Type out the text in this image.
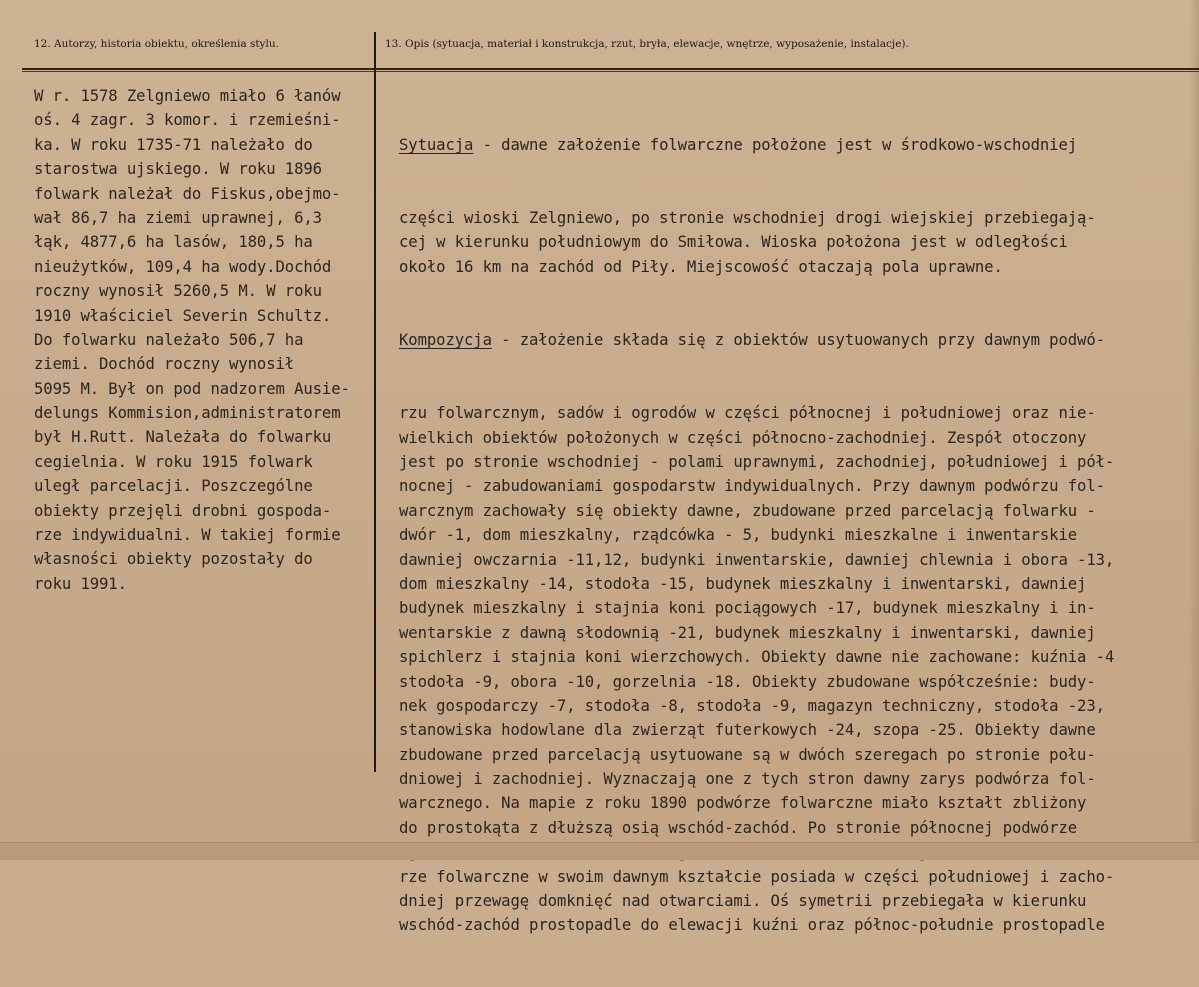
12. Autorzy, historia obiektu, określenia stylu.	13. Opis (sytuacja, materiał i konstrukcja, rzut, bryła, elewacje, wnętrze, wyposażenie, instalacje).
W r. 1578 Zelgniewo miało 6 łanów
oś. 4 zagr. 3 komor. i rzemieśni-
ka. W roku 1735-71 należało do
starostwa ujskiego. W roku 1896
folwark należał do Fiskus,obejmo-
wał 86,7 ha ziemi uprawnej, 6,3
łąk, 4877,6 ha lasów, 180,5 ha
nieużytków, 109,4 ha wody.Dochód
roczny wynosił 5260,5 M. W roku
1910 właściciel Severin Schultz.
Do folwarku należało 506,7 ha
ziemi. Dochód roczny wynosił
5095 M. Był on pod nadzorem Ausie-
delungs Kommision,administratorem
był H.Rutt. Należała do folwarku
cegielnia. W roku 1915 folwark
uległ parcelacji. Poszczególne
obiekty przejęli drobni gospoda-
rze indywidualni. W takiej formie
własności obiekty pozostały do
roku 1991.

Sytuacja - dawne założenie folwarczne położone jest w środkowo-wschodniej

części wioski Zelgniewo, po stronie wschodniej drogi wiejskiej przebiegają-
cej w kierunku południowym do Smiłowa. Wioska położona jest w odległości
około 16 km na zachód od Piły. Miejscowość otaczają pola uprawne.

Kompozycja - założenie składa się z obiektów usytuowanych przy dawnym podwó-

rzu folwarcznym, sadów i ogrodów w części północnej i południowej oraz nie-
wielkich obiektów położonych w części północno-zachodniej. Zespół otoczony
jest po stronie wschodniej - polami uprawnymi, zachodniej, południowej i pół-
nocnej - zabudowaniami gospodarstw indywidualnych. Przy dawnym podwórzu fol-
warcznym zachowały się obiekty dawne, zbudowane przed parcelacją folwarku -
dwór -1, dom mieszkalny, rządcówka - 5, budynki mieszkalne i inwentarskie
dawniej owczarnia -11,12, budynki inwentarskie, dawniej chlewnia i obora -13,
dom mieszkalny -14, stodoła -15, budynek mieszkalny i inwentarski, dawniej
budynek mieszkalny i stajnia koni pociągowych -17, budynek mieszkalny i in-
wentarskie z dawną słodownią -21, budynek mieszkalny i inwentarski, dawniej
spichlerz i stajnia koni wierzchowych. Obiekty dawne nie zachowane: kuźnia -4
stodoła -9, obora -10, gorzelnia -18. Obiekty zbudowane współcześnie: budy-
nek gospodarczy -7, stodoła -8, stodoła -9, magazyn techniczny, stodoła -23,
stanowiska hodowlane dla zwierząt futerkowych -24, szopa -25. Obiekty dawne
zbudowane przed parcelacją usytuowane są w dwóch szeregach po stronie połu-
dniowej i zachodniej. Wyznaczają one z tych stron dawny zarys podwórza fol-
warcznego. Na mapie z roku 1890 podwórze folwarczne miało kształt zbliżony
do prostokąta z dłuższą osią wschód-zachód. Po stronie północnej podwórze
rze folwarczne w swoim dawnym kształcie posiada w części południowej i zacho-
dniej przewagę domknięć nad otwarciami. Oś symetrii przebiegała w kierunku
wschód-zachód prostopadle do elewacji kuźni oraz północ-południe prostopadle
